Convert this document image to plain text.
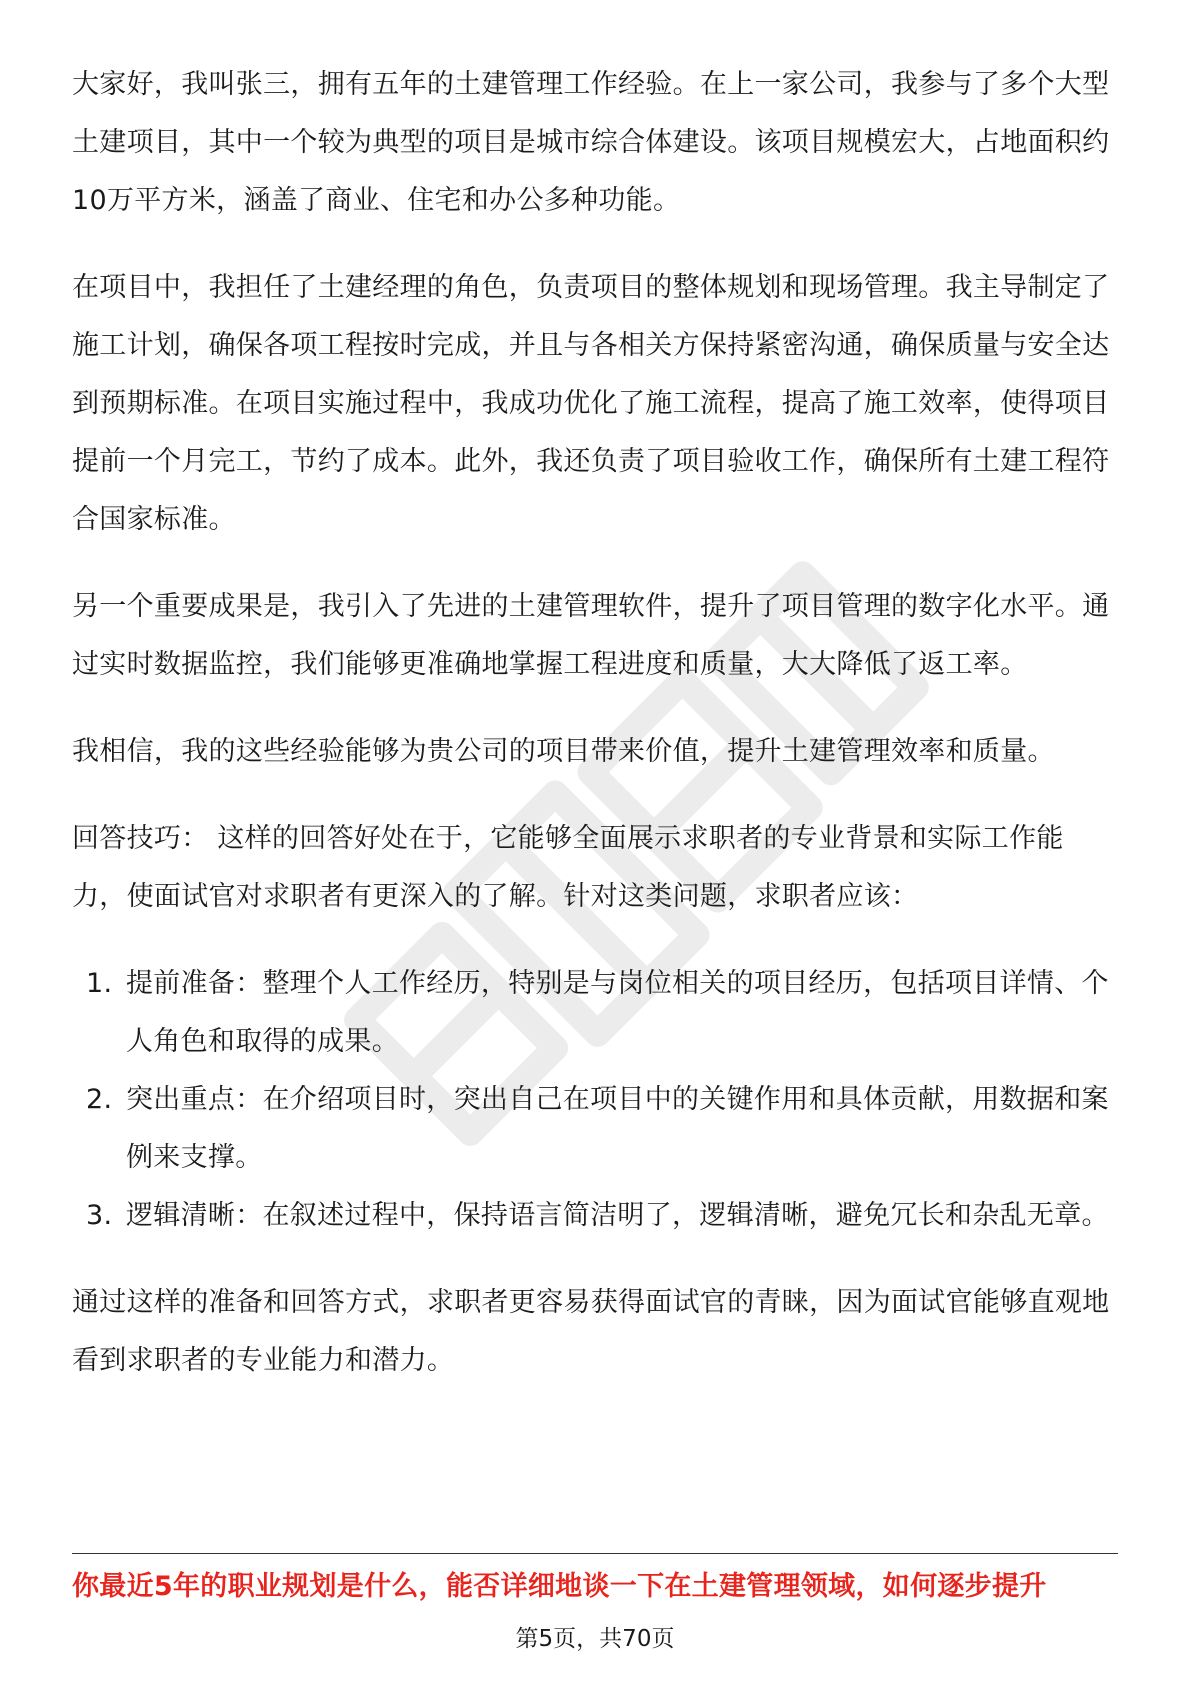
大家好，我叫张三，拥有五年的土建管理工作经验。在上一家公司，我参与了多个大型土建项目，其中一个较为典型的项目是城市综合体建设。该项目规模宏大，占地面积约10万平方米，涵盖了商业、住宅和办公多种功能。

在项目中，我担任了土建经理的角色，负责项目的整体规划和现场管理。我主导制定了施工计划，确保各项工程按时完成，并且与各相关方保持紧密沟通，确保质量与安全达到预期标准。在项目实施过程中，我成功优化了施工流程，提高了施工效率，使得项目提前一个月完工，节约了成本。此外，我还负责了项目验收工作，确保所有土建工程符合国家标准。

另一个重要成果是，我引入了先进的土建管理软件，提升了项目管理的数字化水平。通过实时数据监控，我们能够更准确地掌握工程进度和质量，大大降低了返工率。

我相信，我的这些经验能够为贵公司的项目带来价值，提升土建管理效率和质量。

回答技巧： 这样的回答好处在于，它能够全面展示求职者的专业背景和实际工作能力，使面试官对求职者有更深入的了解。针对这类问题，求职者应该：

1. 提前准备：整理个人工作经历，特别是与岗位相关的项目经历，包括项目详情、个人角色和取得的成果。
2. 突出重点：在介绍项目时，突出自己在项目中的关键作用和具体贡献，用数据和案例来支撑。
3. 逻辑清晰：在叙述过程中，保持语言简洁明了，逻辑清晰，避免冗长和杂乱无章。

通过这样的准备和回答方式，求职者更容易获得面试官的青睐，因为面试官能够直观地看到求职者的专业能力和潜力。

你最近5年的职业规划是什么，能否详细地谈一下在土建管理领域，如何逐步提升
第5页，共70页
